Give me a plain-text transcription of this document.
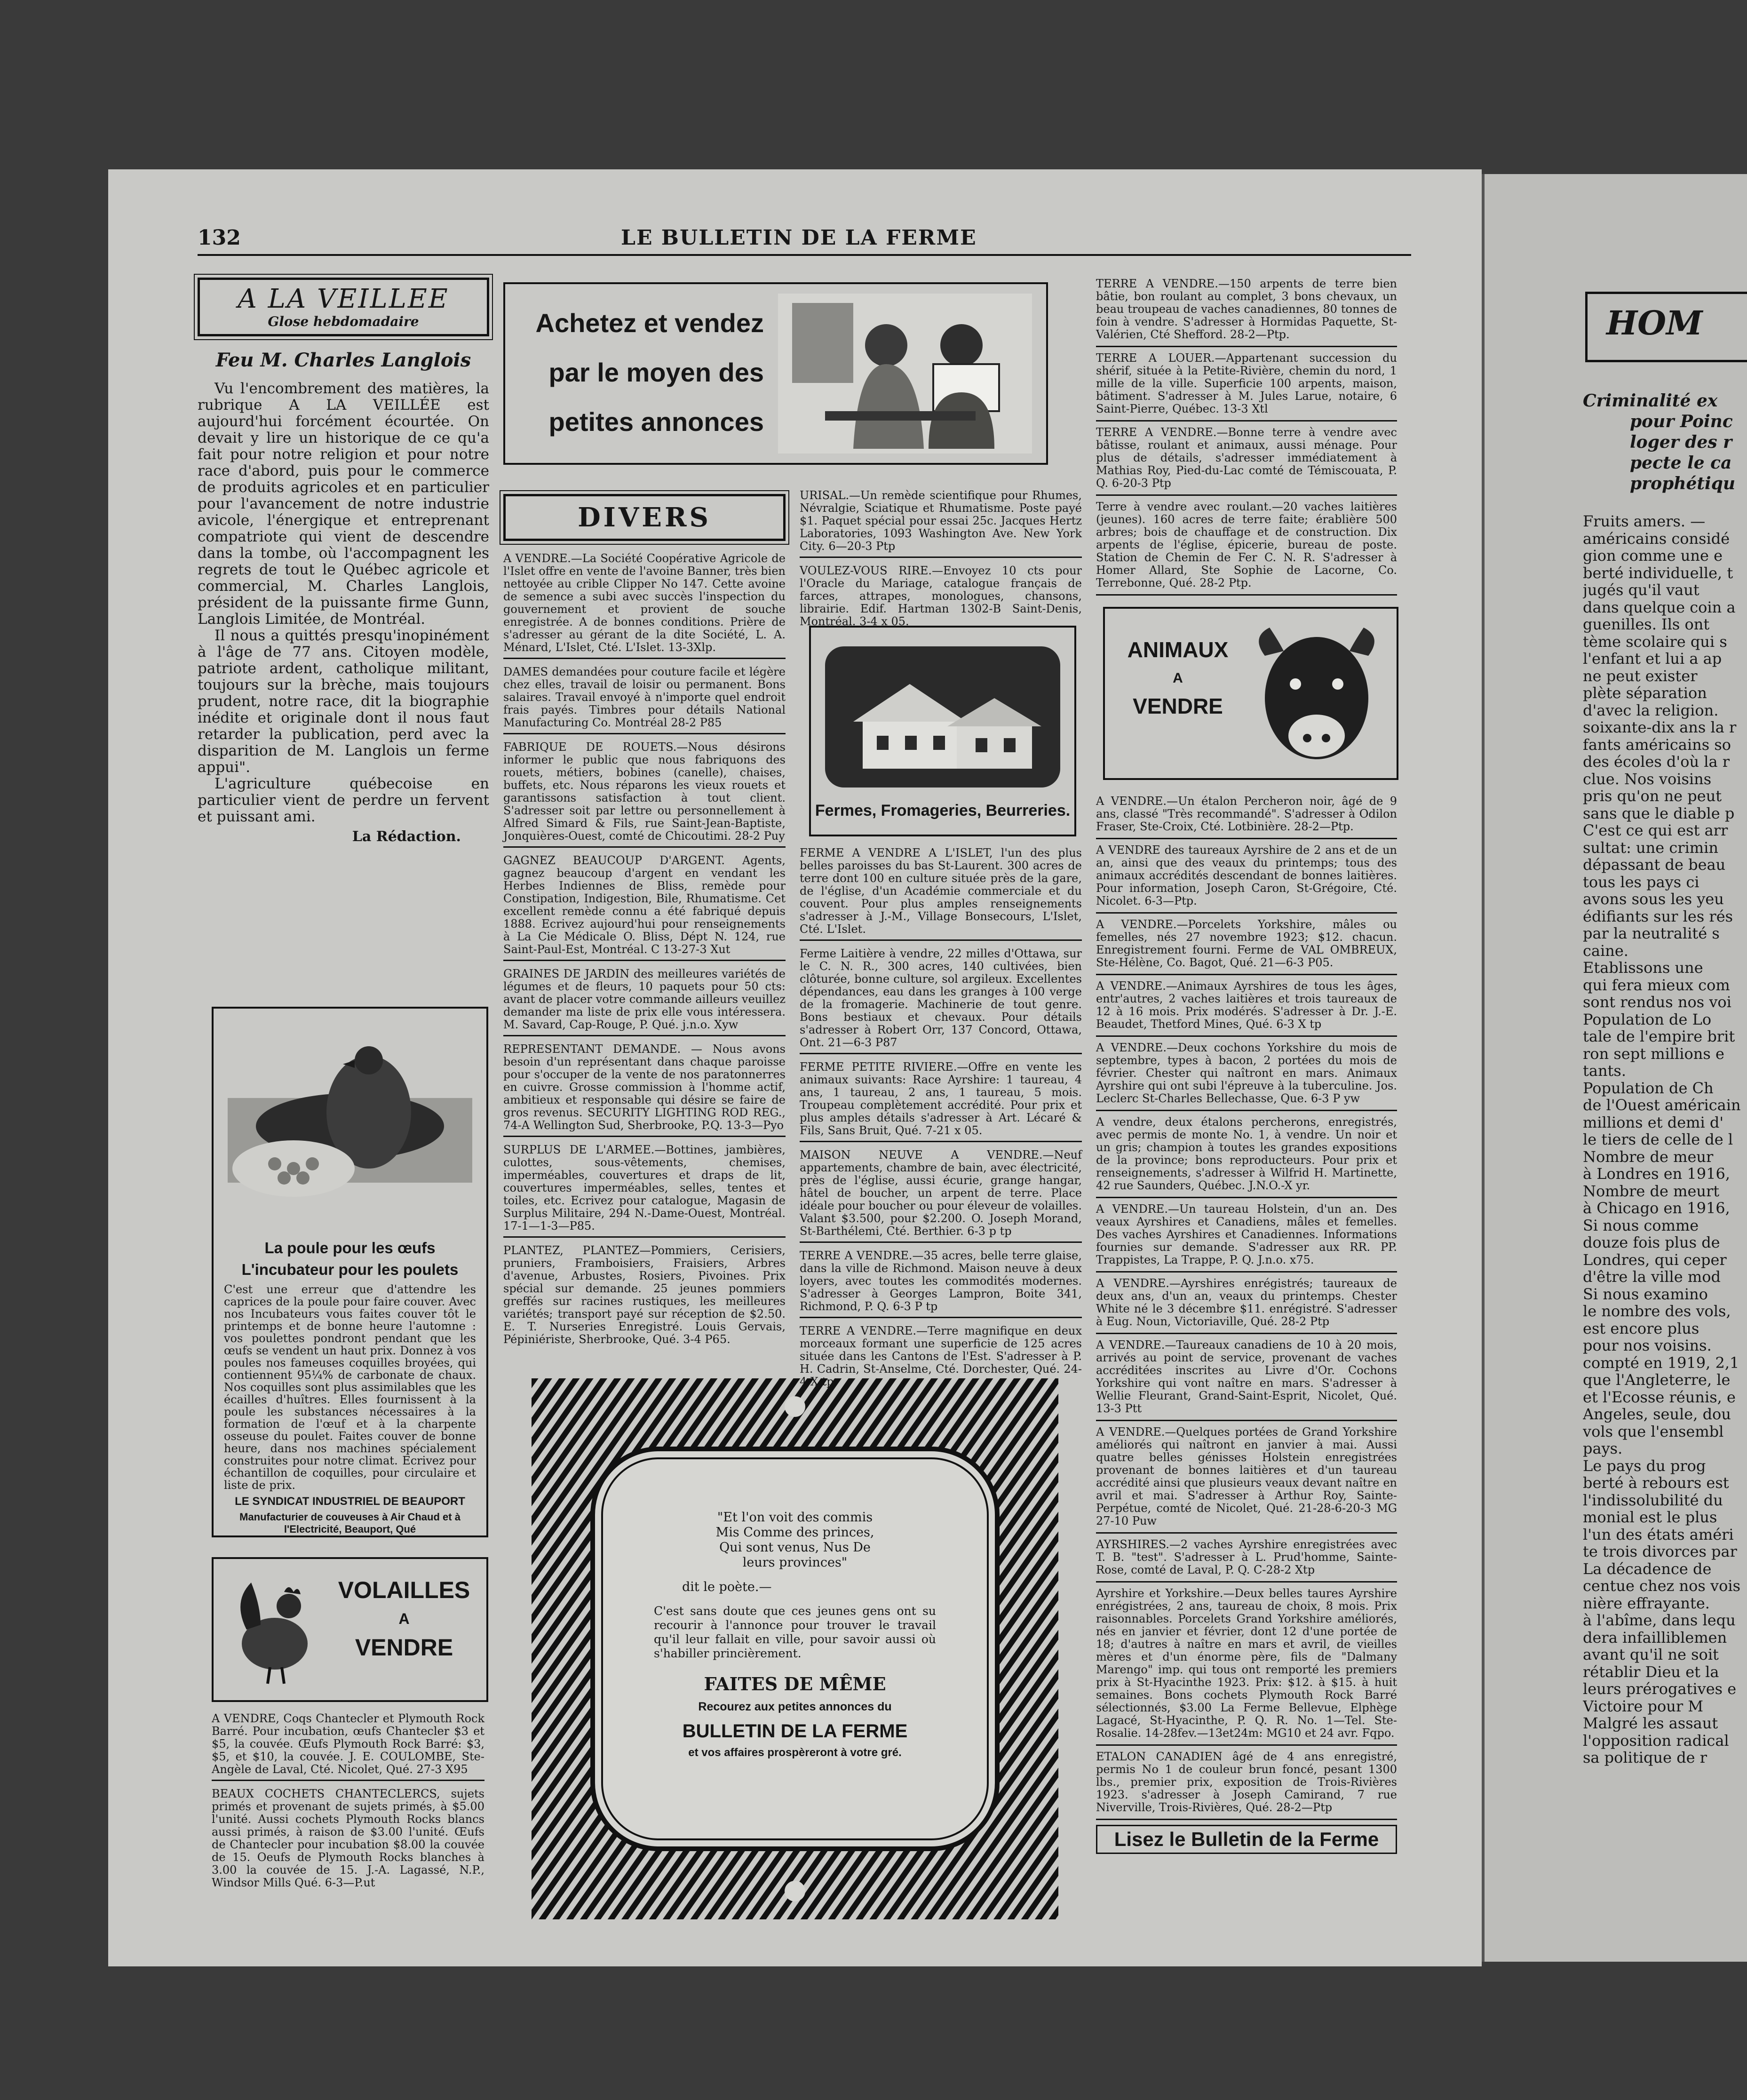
132	LE BULLETIN DE LA FERME
A LA VEILLEE
Glose hebdomadaire
Feu M. Charles Langlois
Vu l'encombrement des matières, la rubrique A LA VEILLÉE est aujourd'hui forcément écourtée. On devait y lire un historique de ce qu'a fait pour notre religion et pour notre race d'abord, puis pour le commerce de produits agricoles et en particulier pour l'avancement de notre industrie avicole, l'énergique et entreprenant compatriote qui vient de descendre dans la tombe, où l'accompagnent les regrets de tout le Québec agricole et commercial, M. Charles Langlois, président de la puissante firme Gunn, Langlois Limitée, de Montréal.
Il nous a quittés presqu'inopinément à l'âge de 77 ans. Citoyen modèle, patriote ardent, catholique militant, toujours sur la brèche, mais toujours prudent, notre race, dit la biographie inédite et originale dont il nous faut retarder la publication, perd avec la disparition de M. Langlois un ferme appui".
L'agriculture québecoise en particulier vient de perdre un fervent et puissant ami.
La Rédaction.
La poule pour les œufs
L'incubateur pour les poulets
C'est une erreur que d'attendre les caprices de la poule pour faire couver. Avec nos Incubateurs vous faites couver tôt le printemps et de bonne heure l'automne : vos poulettes pondront pendant que les œufs se vendent un haut prix. Donnez à vos poules nos fameuses coquilles broyées, qui contiennent 95¼% de carbonate de chaux. Nos coquilles sont plus assimilables que les écailles d'huîtres. Elles fournissent à la poule les substances nécessaires à la formation de l'œuf et à la charpente osseuse du poulet. Faites couver de bonne heure, dans nos machines spécialement construites pour notre climat. Ecrivez pour échantillon de coquilles, pour circulaire et liste de prix.
LE SYNDICAT INDUSTRIEL DE BEAUPORT
Manufacturier de couveuses à Air Chaud et à l'Electricité, Beauport, Qué
VOLAILLES
A
VENDRE
A VENDRE, Coqs Chantecler et Plymouth Rock Barré. Pour incubation, œufs Chantecler $3 et $5, la couvée. Œufs Plymouth Rock Barré: $3, $5, et $10, la couvée. J. E. COULOMBE, Ste-Angèle de Laval, Cté. Nicolet, Qué. 27-3 X95
BEAUX COCHETS CHANTECLERCS, sujets primés et provenant de sujets primés, à $5.00 l'unité. Aussi cochets Plymouth Rocks blancs aussi primés, à raison de $3.00 l'unité. Œufs de Chantecler pour incubation $8.00 la couvée de 15. Oeufs de Plymouth Rocks blanches à 3.00 la couvée de 15. J.-A. Lagassé, N.P., Windsor Mills Qué. 6-3—P.ut
Achetez et vendez
par le moyen des
petites annonces
DIVERS
A VENDRE.—La Société Coopérative Agricole de l'Islet offre en vente de l'avoine Banner, très bien nettoyée au crible Clipper No 147. Cette avoine de semence a subi avec succès l'inspection du gouvernement et provient de souche enregistrée. A de bonnes conditions. Prière de s'adresser au gérant de la dite Société, L. A. Ménard, L'Islet, Cté. L'Islet. 13-3Xlp.
DAMES demandées pour couture facile et légère chez elles, travail de loisir ou permanent. Bons salaires. Travail envoyé à n'importe quel endroit frais payés. Timbres pour détails National Manufacturing Co. Montréal 28-2 P85
FABRIQUE DE ROUETS.—Nous désirons informer le public que nous fabriquons des rouets, métiers, bobines (canelle), chaises, buffets, etc. Nous réparons les vieux rouets et garantissons satisfaction à tout client. S'adresser soit par lettre ou personnellement à Alfred Simard & Fils, rue Saint-Jean-Baptiste, Jonquières-Ouest, comté de Chicoutimi. 28-2 Puy
GAGNEZ BEAUCOUP D'ARGENT. Agents, gagnez beaucoup d'argent en vendant les Herbes Indiennes de Bliss, remède pour Constipation, Indigestion, Bile, Rhumatisme. Cet excellent remède connu a été fabriqué depuis 1888. Ecrivez aujourd'hui pour renseignements à La Cie Médicale O. Bliss, Dépt N. 124, rue Saint-Paul-Est, Montréal. C 13-27-3 Xut
GRAINES DE JARDIN des meilleures variétés de légumes et de fleurs, 10 paquets pour 50 cts: avant de placer votre commande ailleurs veuillez demander ma liste de prix elle vous intéressera. M. Savard, Cap-Rouge, P. Qué. j.n.o. Xyw
REPRESENTANT DEMANDE. — Nous avons besoin d'un représentant dans chaque paroisse pour s'occuper de la vente de nos paratonnerres en cuivre. Grosse commission à l'homme actif, ambitieux et responsable qui désire se faire de gros revenus. SECURITY LIGHTING ROD REG., 74-A Wellington Sud, Sherbrooke, P.Q. 13-3—Pyo
SURPLUS DE L'ARMEE.—Bottines, jambières, culottes, sous-vêtements, chemises, imperméables, couvertures et draps de lit, couvertures imperméables, selles, tentes et toiles, etc. Ecrivez pour catalogue, Magasin de Surplus Militaire, 294 N.-Dame-Ouest, Montréal. 17-1—1-3—P85.
PLANTEZ, PLANTEZ—Pommiers, Cerisiers, pruniers, Framboisiers, Fraisiers, Arbres d'avenue, Arbustes, Rosiers, Pivoines. Prix spécial sur demande. 25 jeunes pommiers greffés sur racines rustiques, les meilleures variétés; transport payé sur réception de $2.50. E. T. Nurseries Enregistré. Louis Gervais, Pépiniériste, Sherbrooke, Qué. 3-4 P65.
URISAL.—Un remède scientifique pour Rhumes, Névralgie, Sciatique et Rhumatisme. Poste payé $1. Paquet spécial pour essai 25c. Jacques Hertz Laboratories, 1093 Washington Ave. New York City. 6—20-3 Ptp
VOULEZ-VOUS RIRE.—Envoyez 10 cts pour l'Oracle du Mariage, catalogue français de farces, attrapes, monologues, chansons, librairie. Edif. Hartman 1302-B Saint-Denis, Montréal. 3-4 x 05.
Fermes, Fromageries, Beurreries.
FERME A VENDRE A L'ISLET, l'un des plus belles paroisses du bas St-Laurent. 300 acres de terre dont 100 en culture située près de la gare, de l'église, d'un Académie commerciale et du couvent. Pour plus amples renseignements s'adresser à J.-M., Village Bonsecours, L'Islet, Cté. L'Islet.
Ferme Laitière à vendre, 22 milles d'Ottawa, sur le C. N. R., 300 acres, 140 cultivées, bien clôturée, bonne culture, sol argileux. Excellentes dépendances, eau dans les granges à 100 verge de la fromagerie. Machinerie de tout genre. Bons bestiaux et chevaux. Pour détails s'adresser à Robert Orr, 137 Concord, Ottawa, Ont. 21—6-3 P87
FERME PETITE RIVIERE.—Offre en vente les animaux suivants: Race Ayrshire: 1 taureau, 4 ans, 1 taureau, 2 ans, 1 taureau, 5 mois. Troupeau complètement accrédité. Pour prix et plus amples détails s'adresser à Art. Lécaré & Fils, Sans Bruit, Qué. 7-21 x 05.
MAISON NEUVE A VENDRE.—Neuf appartements, chambre de bain, avec électricité, près de l'église, aussi écurie, grange hangar, hâtel de boucher, un arpent de terre. Place idéale pour boucher ou pour éleveur de volailles. Valant $3.500, pour $2.200. O. Joseph Morand, St-Barthélemi, Cté. Berthier. 6-3 p tp
TERRE A VENDRE.—35 acres, belle terre glaise, dans la ville de Richmond. Maison neuve à deux loyers, avec toutes les commodités modernes. S'adresser à Georges Lampron, Boite 341, Richmond, P. Q. 6-3 P tp
TERRE A VENDRE.—Terre magnifique en deux morceaux formant une superficie de 125 acres située dans les Cantons de l'Est. S'adresser à P. H. Cadrin, St-Anselme, Cté. Dorchester, Qué. 24-
"Et l'on voit des commis Mis Comme des princes, Qui sont venus, Nus De leurs provinces"
dit le poète.—
C'est sans doute que ces jeunes gens ont su recourir à l'annonce pour trouver le travail qu'il leur fallait en ville, pour savoir aussi où s'habiller princièrement.
FAITES DE MÊME
Recourez aux petites annonces du
BULLETIN DE LA FERME
et vos affaires prospèreront à votre gré.
TERRE A VENDRE.—150 arpents de terre bien bâtie, bon roulant au complet, 3 bons chevaux, un beau troupeau de vaches canadiennes, 80 tonnes de foin à vendre. S'adresser à Hormidas Paquette, St-Valérien, Cté Shefford. 28-2—Ptp.
TERRE A LOUER.—Appartenant succession du shérif, située à la Petite-Rivière, chemin du nord, 1 mille de la ville. Superficie 100 arpents, maison, bâtiment. S'adresser à M. Jules Larue, notaire, 6 Saint-Pierre, Québec. 13-3 Xtl
TERRE A VENDRE.—Bonne terre à vendre avec bâtisse, roulant et animaux, aussi ménage. Pour plus de détails, s'adresser immédiatement à Mathias Roy, Pied-du-Lac comté de Témiscouata, P. Q. 6-20-3 Ptp
Terre à vendre avec roulant.—20 vaches laitières (jeunes). 160 acres de terre faite; érablière 500 arbres; bois de chauffage et de construction. Dix arpents de l'église, épicerie, bureau de poste. Station de Chemin de Fer C. N. R. S'adresser à Homer Allard, Ste Sophie de Lacorne, Co. Terrebonne, Qué. 28-2 Ptp.
ANIMAUX
A
VENDRE
A VENDRE.—Un étalon Percheron noir, âgé de 9 ans, classé "Très recommandé". S'adresser à Odilon Fraser, Ste-Croix, Cté. Lotbinière. 28-2—Ptp.
A VENDRE des taureaux Ayrshire de 2 ans et de un an, ainsi que des veaux du printemps; tous des animaux accrédités descendant de bonnes laitières. Pour information, Joseph Caron, St-Grégoire, Cté. Nicolet. 6-3—Ptp.
A VENDRE.—Porcelets Yorkshire, mâles ou femelles, nés 27 novembre 1923; $12. chacun. Enregistrement fourni. Ferme de VAL OMBREUX, Ste-Hélène, Co. Bagot, Qué. 21—6-3 P05.
A VENDRE.—Animaux Ayrshires de tous les âges, entr'autres, 2 vaches laitières et trois taureaux de 12 à 16 mois. Prix modérés. S'adresser à Dr. J.-E. Beaudet, Thetford Mines, Qué. 6-3 X tp
A VENDRE.—Deux cochons Yorkshire du mois de septembre, types à bacon, 2 portées du mois de février. Chester qui naîtront en mars. Animaux Ayrshire qui ont subi l'épreuve à la tuberculine. Jos. Leclerc St-Charles Bellechasse, Que. 6-3 P yw
A vendre, deux étalons percherons, enregistrés, avec permis de monte No. 1, à vendre. Un noir et un gris; champion à toutes les grandes expositions de la province; bons reproducteurs. Pour prix et renseignements, s'adresser à Wilfrid H. Martinette, 42 rue Saunders, Québec. J.N.O.-X yr.
A VENDRE.—Un taureau Holstein, d'un an. Des veaux Ayrshires et Canadiens, mâles et femelles. Des vaches Ayrshires et Canadiennes. Informations fournies sur demande. S'adresser aux RR. PP. Trappistes, La Trappe, P. Q. J.n.o. x75.
A VENDRE.—Ayrshires enrégistrés; taureaux de deux ans, d'un an, veaux du printemps. Chester White né le 3 décembre $11. enrégistré. S'adresser à Eug. Noun, Victoriaville, Qué. 28-2 Ptp
A VENDRE.—Taureaux canadiens de 10 à 20 mois, arrivés au point de service, provenant de vaches accréditées inscrites au Livre d'Or. Cochons Yorkshire qui vont naître en mars. S'adresser à Wellie Fleurant, Grand-Saint-Esprit, Nicolet, Qué. 13-3 Ptt
A VENDRE.—Quelques portées de Grand Yorkshire améliorés qui naîtront en janvier à mai. Aussi quatre belles génisses Holstein enregistrées provenant de bonnes laitières et d'un taureau accrédité ainsi que plusieurs veaux devant naître en avril et mai. S'adresser à Arthur Roy, Sainte-Perpétue, comté de Nicolet, Qué. 21-28-6-20-3 MG 27-10 Puw
AYRSHIRES.—2 vaches Ayrshire enregistrées avec T. B. "test". S'adresser à L. Prud'homme, Sainte-Rose, comté de Laval, P. Q. C-28-2 Xtp
Ayrshire et Yorkshire.—Deux belles taures Ayrshire enrégistrées, 2 ans, taureau de choix, 8 mois. Prix raisonnables. Porcelets Grand Yorkshire améliorés, nés en janvier et février, dont 12 d'une portée de 18; d'autres à naître en mars et avril, de vieilles mères et d'un énorme père, fils de "Dalmany Marengo" imp. qui tous ont remporté les premiers prix à St-Hyacinthe 1923. Prix: $12. à $15. à huit semaines. Bons cochets Plymouth Rock Barré sélectionnés, $3.00 La Ferme Bellevue, Elphège Lagacé, St-Hyacinthe, P. Q. R. No. 1—Tel. Ste-Rosalie. 14-28fev.—13et24m: MG10 et 24 avr. Fqpo.
ETALON CANADIEN âgé de 4 ans enregistré, permis No 1 de couleur brun foncé, pesant 1300 lbs., premier prix, exposition de Trois-Rivières 1923. s'adresser à Joseph Camirand, 7 rue Niverville, Trois-Rivières, Qué. 28-2—Ptp
Lisez le Bulletin de la Ferme
HOM
Criminalité ex
pour Poinc
loger des r
pecte le ca
prophétiqu
Fruits amers. —
américains considé
gion comme une e
berté individuelle, t
jugés qu'il vaut
dans quelque coin a
guenilles. Ils ont
tème scolaire qui s
l'enfant et lui a ap
ne peut exister
plète séparation
d'avec la religion.
soixante-dix ans la r
fants américains so
des écoles d'où la r
clue. Nos voisins
pris qu'on ne peut
sans que le diable p
C'est ce qui est arr
sultat: une crimin
dépassant de beau
tous les pays ci
avons sous les yeu
édifiants sur les rés
par la neutralité s
caine.
Etablissons une
qui fera mieux com
sont rendus nos voi
Population de Lo
tale de l'empire brit
ron sept millions e
tants.
Population de Ch
de l'Ouest américain
millions et demi d'
le tiers de celle de l
Nombre de meur
à Londres en 1916,
Nombre de meurt
à Chicago en 1916,
Si nous comme
douze fois plus de
Londres, qui ceper
d'être la ville mod
Si nous examino
le nombre des vols,
est encore plus
pour nos voisins.
compté en 1919, 2,1
que l'Angleterre, le
et l'Ecosse réunis, e
Angeles, seule, dou
vols que l'ensembl
pays.
Le pays du prog
berté à rebours est
l'indissolubilité du
monial est le plus
l'un des états améri
te trois divorces par
La décadence de
centue chez nos vois
nière effrayante.
à l'abîme, dans lequ
dera infailliblemen
avant qu'il ne soit
rétablir Dieu et la
leurs prérogatives e
Victoire pour M
Malgré les assaut
l'opposition radical
sa politique de r
